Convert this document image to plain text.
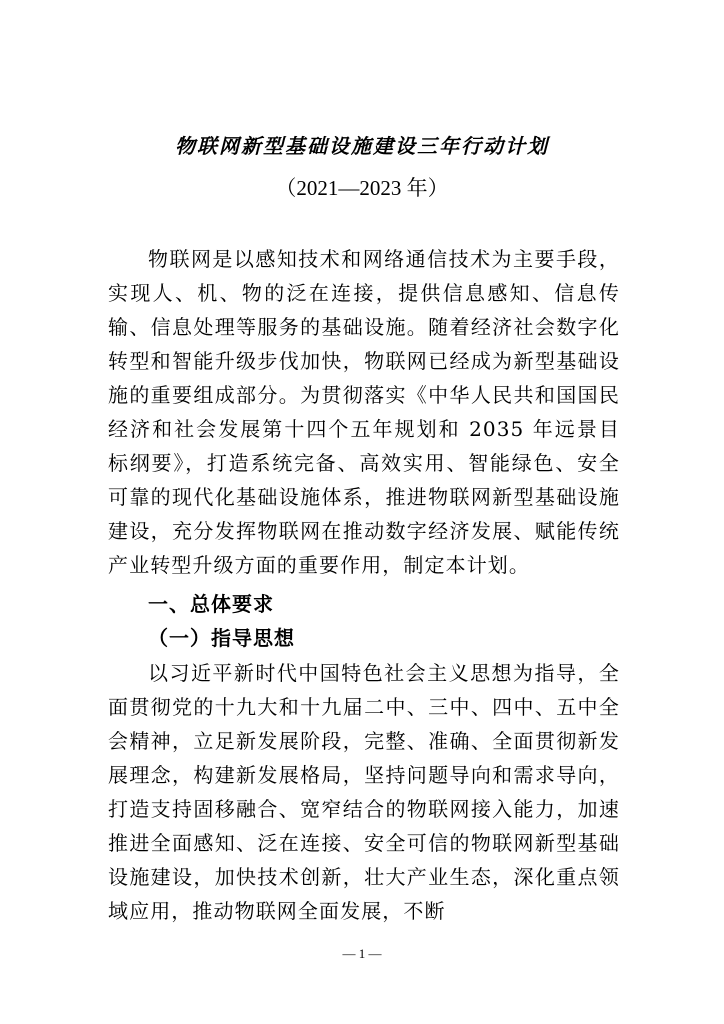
物联网新型基础设施建设三年行动计划
（2021—2023 年）
物联网是以感知技术和网络通信技术为主要手段，实现人、机、物的泛在连接，提供信息感知、信息传输、信息处理等服务的基础设施。随着经济社会数字化转型和智能升级步伐加快，物联网已经成为新型基础设施的重要组成部分。为贯彻落实《中华人民共和国国民经济和社会发展第十四个五年规划和 2035 年远景目标纲要》，打造系统完备、高效实用、智能绿色、安全可靠的现代化基础设施体系，推进物联网新型基础设施建设，充分发挥物联网在推动数字经济发展、赋能传统产业转型升级方面的重要作用，制定本计划。
一、总体要求
（一）指导思想
以习近平新时代中国特色社会主义思想为指导，全面贯彻党的十九大和十九届二中、三中、四中、五中全会精神，立足新发展阶段，完整、准确、全面贯彻新发展理念，构建新发展格局，坚持问题导向和需求导向，打造支持固移融合、宽窄结合的物联网接入能力，加速推进全面感知、泛在连接、安全可信的物联网新型基础设施建设，加快技术创新，壮大产业生态，深化重点领域应用，推动物联网全面发展，不断
— 1 —
